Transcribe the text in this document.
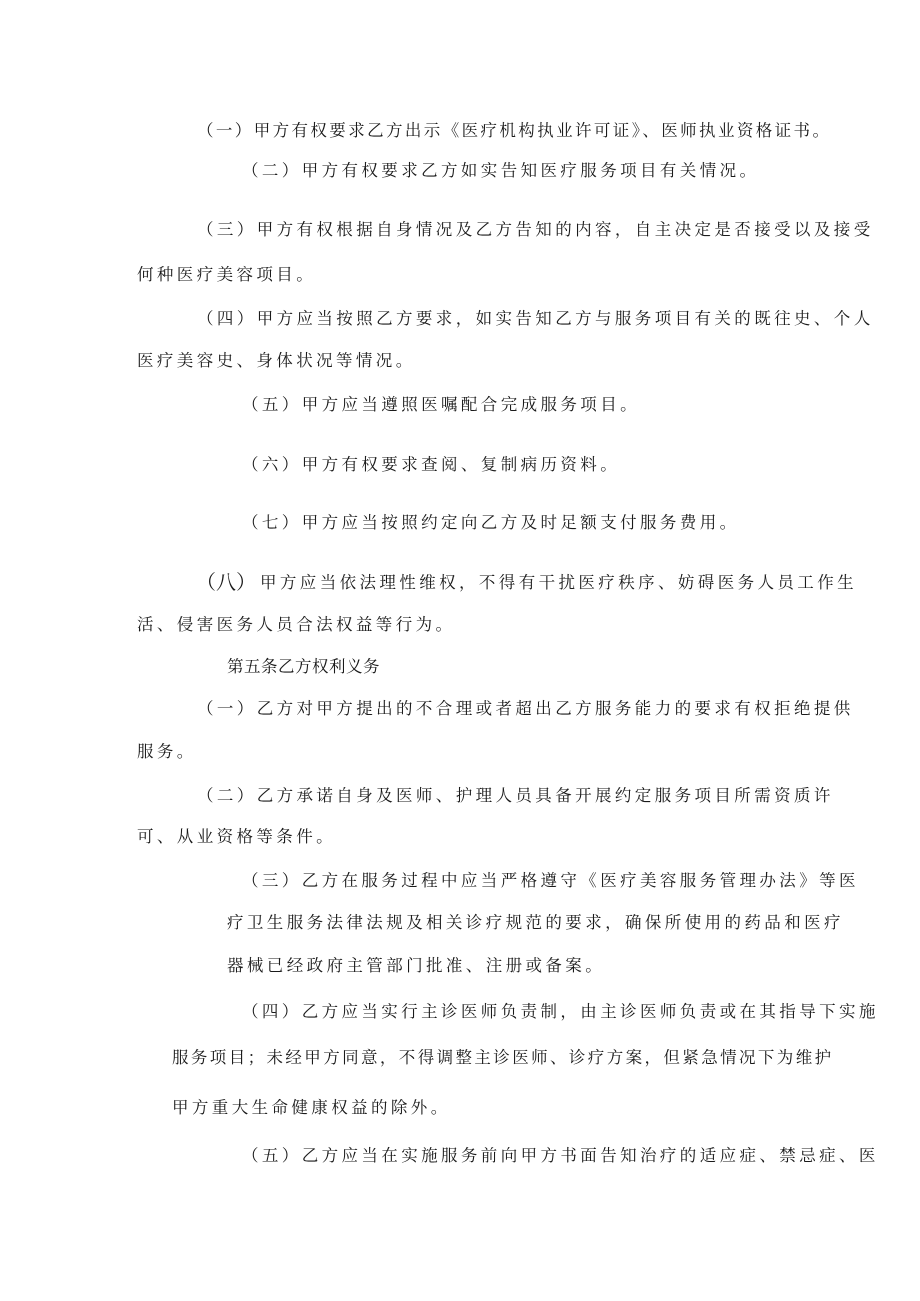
（一）甲方有权要求乙方出示《医疗机构执业许可证》、医师执业资格证书。

（二）甲方有权要求乙方如实告知医疗服务项目有关情况。

（三）甲方有权根据自身情况及乙方告知的内容，自主决定是否接受以及接受

何种医疗美容项目。

（四）甲方应当按照乙方要求，如实告知乙方与服务项目有关的既往史、个人

医疗美容史、身体状况等情况。

（五）甲方应当遵照医嘱配合完成服务项目。

（六）甲方有权要求查阅、复制病历资料。

（七）甲方应当按照约定向乙方及时足额支付服务费用。

（八） 甲方应当依法理性维权，不得有干扰医疗秩序、妨碍医务人员工作生

活、侵害医务人员合法权益等行为。

第五条乙方权利义务

（一）乙方对甲方提出的不合理或者超出乙方服务能力的要求有权拒绝提供

服务。

（二）乙方承诺自身及医师、护理人员具备开展约定服务项目所需资质许

可、从业资格等条件。

（三）乙方在服务过程中应当严格遵守《医疗美容服务管理办法》等医

疗卫生服务法律法规及相关诊疗规范的要求，确保所使用的药品和医疗

器械已经政府主管部门批准、注册或备案。

（四）乙方应当实行主诊医师负责制，由主诊医师负责或在其指导下实施

服务项目；未经甲方同意，不得调整主诊医师、诊疗方案，但紧急情况下为维护

甲方重大生命健康权益的除外。

（五）乙方应当在实施服务前向甲方书面告知治疗的适应症、禁忌症、医
